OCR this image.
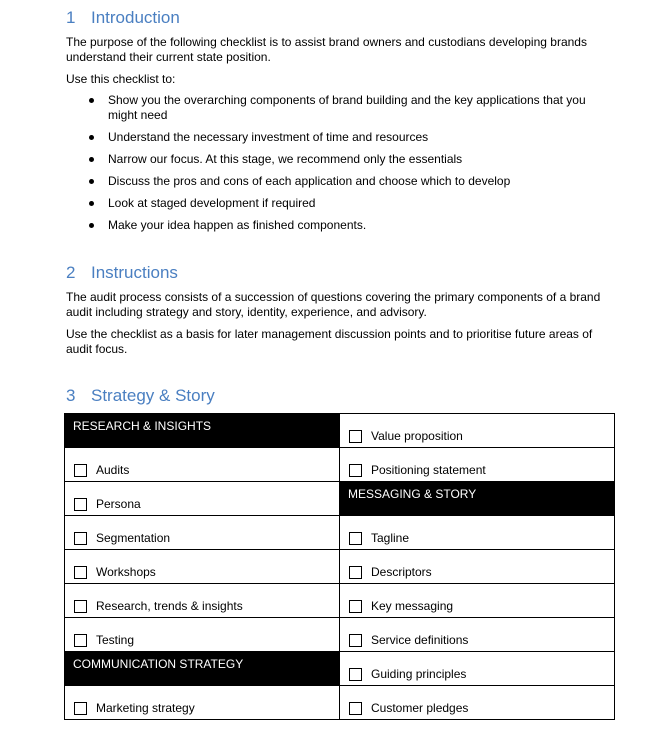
1 Introduction

The purpose of the following checklist is to assist brand owners and custodians developing brands understand their current state position.

Use this checklist to:

Show you the overarching components of brand building and the key applications that you might need
Understand the necessary investment of time and resources
Narrow our focus. At this stage, we recommend only the essentials
Discuss the pros and cons of each application and choose which to develop
Look at staged development if required
Make your idea happen as finished components.
2 Instructions

The audit process consists of a succession of questions covering the primary components of a brand audit including strategy and story, identity, experience, and advisory.

Use the checklist as a basis for later management discussion points and to prioritise future areas of audit focus.

3 Strategy & Story
RESEARCH & INSIGHTS	Value proposition

Audits	Positioning statement

Persona	MESSAGING & STORY

Segmentation	Tagline

Workshops	Descriptors

Research, trends & insights	Key messaging

Testing	Service definitions

COMMUNICATION STRATEGY	Guiding principles

Marketing strategy	Customer pledges
